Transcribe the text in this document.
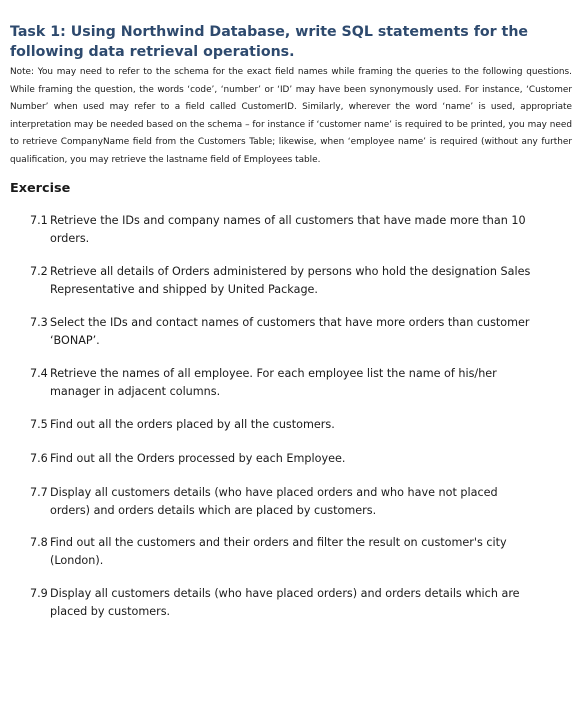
Task 1: Using Northwind Database, write SQL statements for the following data retrieval operations.

Note: You may need to refer to the schema for the exact field names while framing the queries to the following questions. While framing the question, the words ‘code’, ‘number’ or ‘ID’ may have been synonymously used. For instance, ‘Customer Number’ when used may refer to a field called CustomerID. Similarly, wherever the word ‘name’ is used, appropriate interpretation may be needed based on the schema – for instance if ‘customer name’ is required to be printed, you may need to retrieve CompanyName field from the Customers Table; likewise, when ‘employee name’ is required (without any further qualification, you may retrieve the lastname field of Employees table.

Exercise
7.1 Retrieve the IDs and company names of all customers that have made more than 10 orders.
7.2 Retrieve all details of Orders administered by persons who hold the designation Sales Representative and shipped by United Package.
7.3 Select the IDs and contact names of customers that have more orders than customer ‘BONAP’.
7.4 Retrieve the names of all employee. For each employee list the name of his/her manager in adjacent columns.
7.5 Find out all the orders placed by all the customers.
7.6 Find out all the Orders processed by each Employee.
7.7 Display all customers details (who have placed orders and who have not placed orders) and orders details which are placed by customers.
7.8 Find out all the customers and their orders and filter the result on customer's city (London).
7.9 Display all customers details (who have placed orders) and orders details which are placed by customers.
